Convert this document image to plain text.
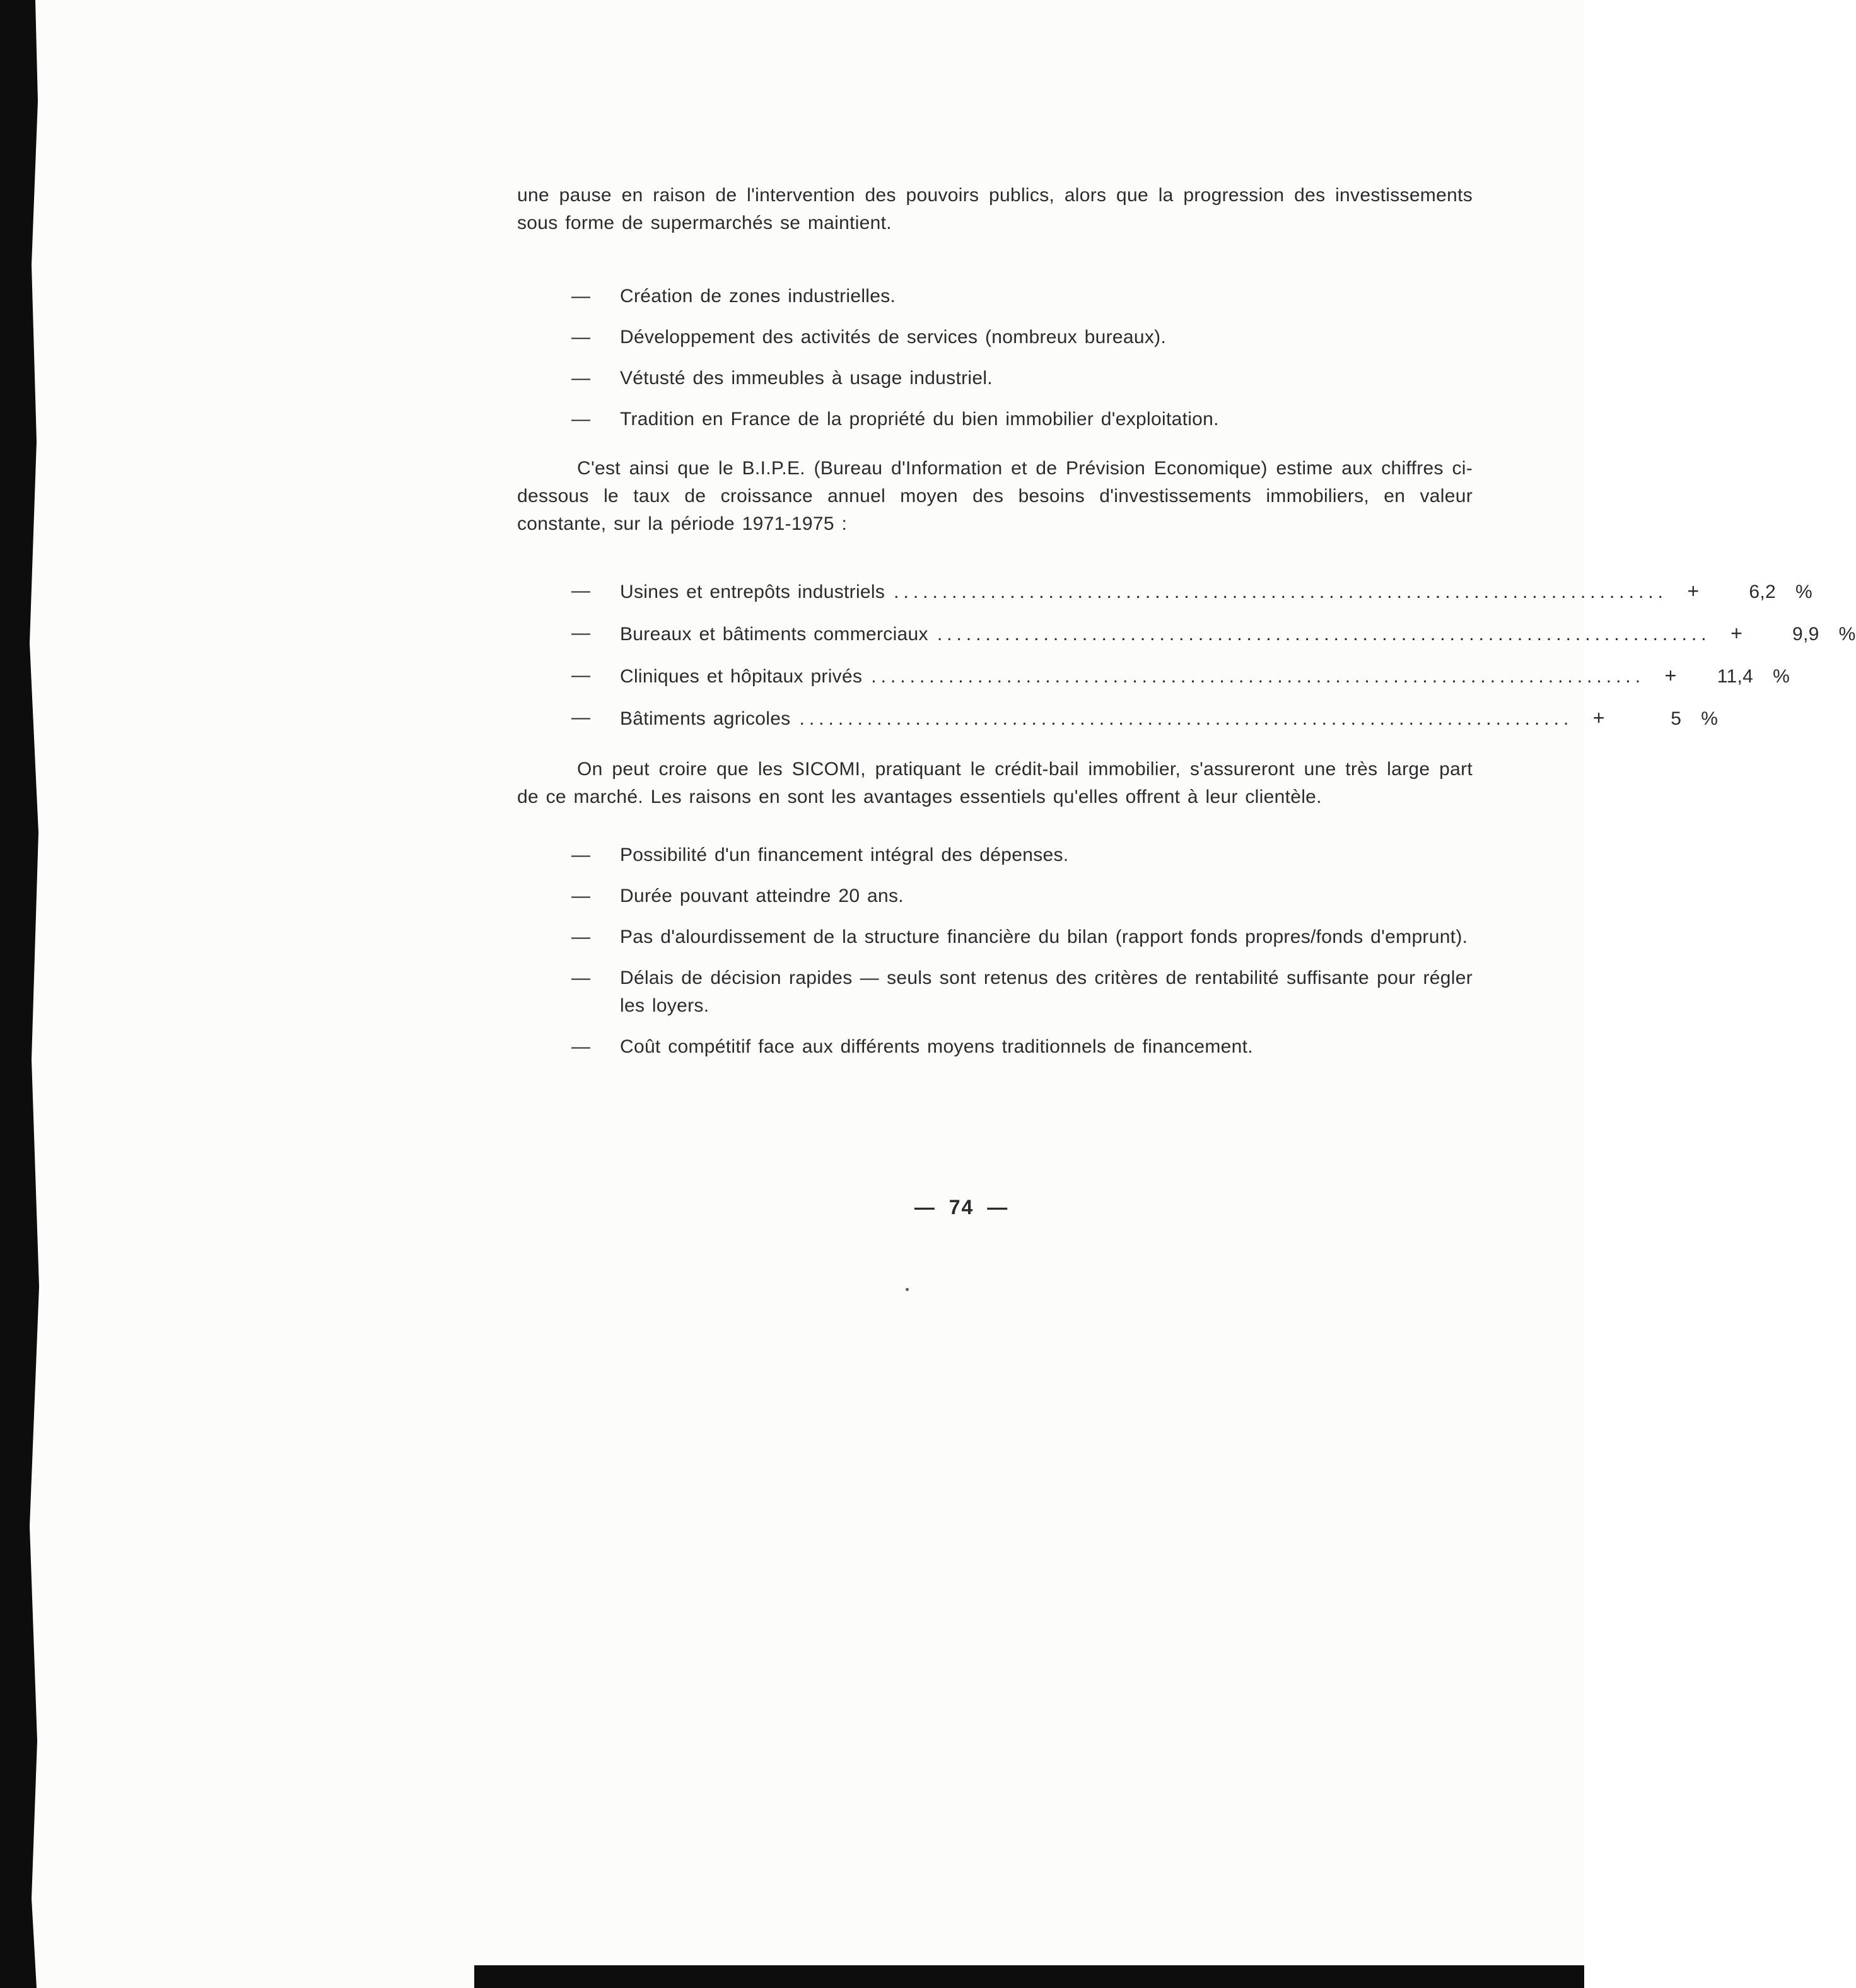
une pause en raison de l'intervention des pouvoirs publics, alors que la progression des investissements sous forme de supermarchés se maintient.

— Création de zones industrielles.
— Développement des activités de services (nombreux bureaux).
— Vétusté des immeubles à usage industriel.
— Tradition en France de la propriété du bien immobilier d'exploitation.

C'est ainsi que le B.I.P.E. (Bureau d'Information et de Prévision Economique) estime aux chiffres ci-dessous le taux de croissance annuel moyen des besoins d'investissements immobiliers, en valeur constante, sur la période 1971-1975 :

— Usines et entrepôts industriels ................................................................................ +	6,2	%
— Bureaux et bâtiments commerciaux ................................................................................ +	9,9	%
— Cliniques et hôpitaux privés ................................................................................ +	11,4	%
— Bâtiments agricoles ................................................................................ +	5	%

On peut croire que les SICOMI, pratiquant le crédit-bail immobilier, s'assureront une très large part de ce marché. Les raisons en sont les avantages essentiels qu'elles offrent à leur clientèle.

— Possibilité d'un financement intégral des dépenses.
— Durée pouvant atteindre 20 ans.
— Pas d'alourdissement de la structure financière du bilan (rapport fonds propres/fonds d'emprunt).
— Délais de décision rapides — seuls sont retenus des critères de rentabilité suffisante pour régler les loyers.
— Coût compétitif face aux différents moyens traditionnels de financement.
— 74 —
